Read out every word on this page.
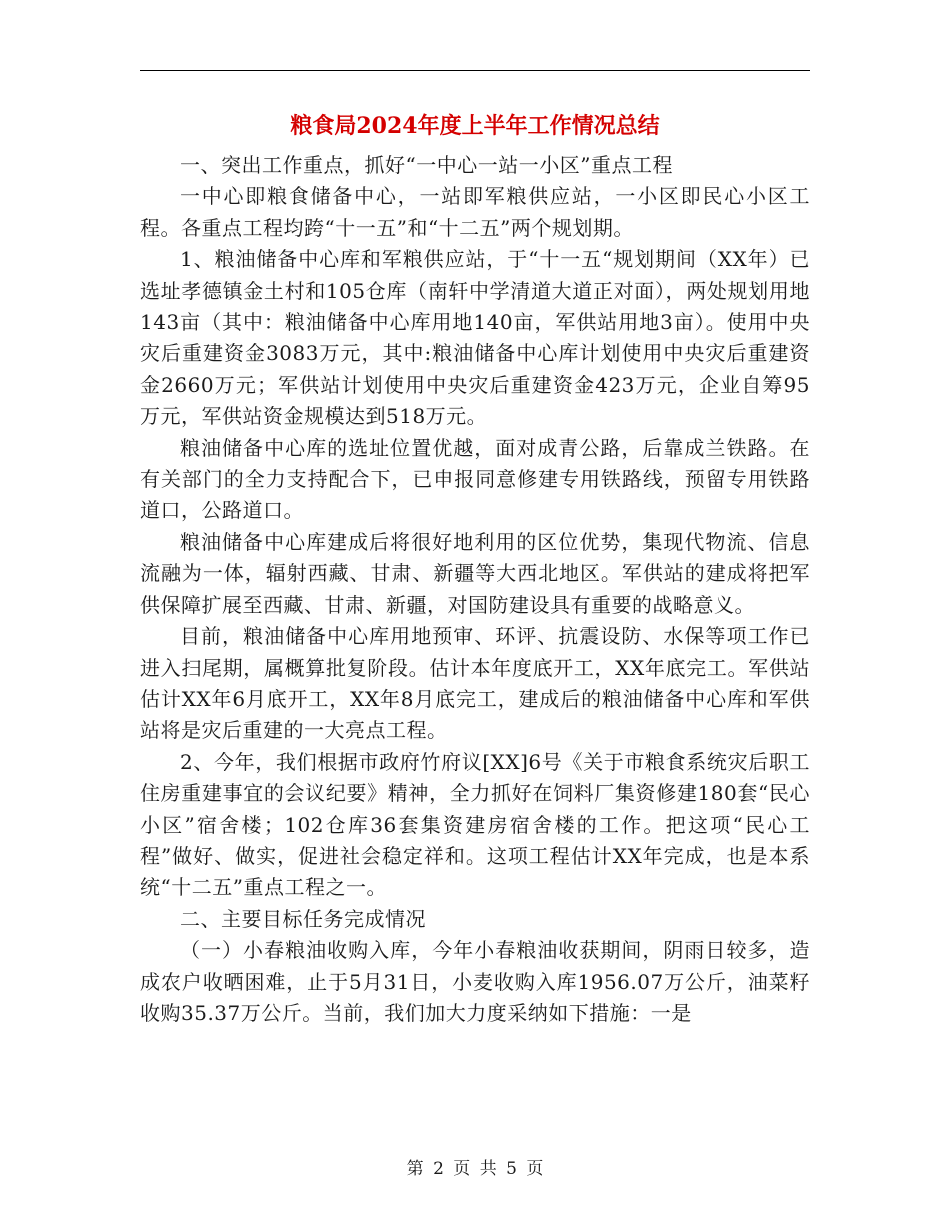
粮食局2024年度上半年工作情况总结

一、突出工作重点，抓好“一中心一站一小区”重点工程

一中心即粮食储备中心，一站即军粮供应站，一小区即民心小区工程。各重点工程均跨“十一五”和“十二五”两个规划期。

1、粮油储备中心库和军粮供应站，于“十一五“规划期间（XX年）已选址孝德镇金土村和105仓库（南轩中学清道大道正对面），两处规划用地143亩（其中：粮油储备中心库用地140亩，军供站用地3亩）。使用中央灾后重建资金3083万元，其中:粮油储备中心库计划使用中央灾后重建资金2660万元；军供站计划使用中央灾后重建资金423万元，企业自筹95万元，军供站资金规模达到518万元。

粮油储备中心库的选址位置优越，面对成青公路，后靠成兰铁路。在有关部门的全力支持配合下，已申报同意修建专用铁路线，预留专用铁路道口，公路道口。

粮油储备中心库建成后将很好地利用的区位优势，集现代物流、信息流融为一体，辐射西藏、甘肃、新疆等大西北地区。军供站的建成将把军供保障扩展至西藏、甘肃、新疆，对国防建设具有重要的战略意义。

目前，粮油储备中心库用地预审、环评、抗震设防、水保等项工作已进入扫尾期，属概算批复阶段。估计本年度底开工，XX年底完工。军供站估计XX年6月底开工，XX年8月底完工，建成后的粮油储备中心库和军供站将是灾后重建的一大亮点工程。

2、今年，我们根据市政府竹府议[XX]6号《关于市粮食系统灾后职工住房重建事宜的会议纪要》精神，全力抓好在饲料厂集资修建180套“民心小区”宿舍楼；102仓库36套集资建房宿舍楼的工作。把这项“民心工程”做好、做实，促进社会稳定祥和。这项工程估计XX年完成，也是本系统“十二五”重点工程之一。

二、主要目标任务完成情况

（一）小春粮油收购入库，今年小春粮油收获期间，阴雨日较多，造成农户收晒困难，止于5月31日，小麦收购入库1956.07万公斤，油菜籽收购35.37万公斤。当前，我们加大力度采纳如下措施：一是

第 2 页 共 5 页
